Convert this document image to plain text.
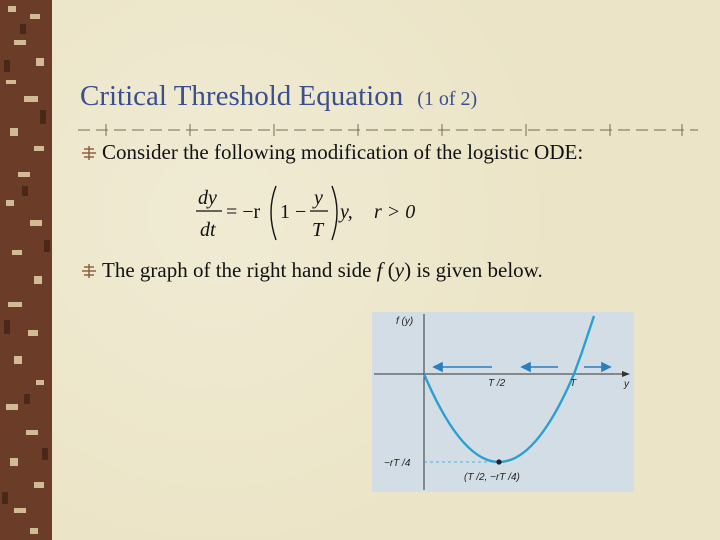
Critical Threshold Equation (1 of 2)
Consider the following modification of the logistic ODE:
dy
dt
= −r 1 −
y
T
y, r > 0
The graph of the right hand side f (y) is given below.
f (y)
y
T /2	T
−rT /4
(T /2, −rT /4)
